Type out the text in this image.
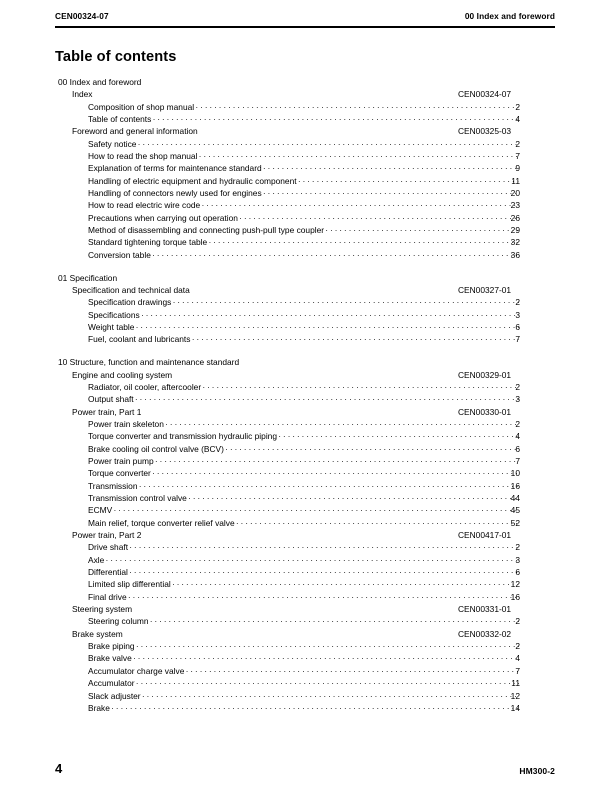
CEN00324-07	00 Index and foreword
Table of contents
00 Index and foreword
Index	CEN00324-07
Composition of shop manual . . .	2
Table of contents . . .	4
Foreword and general information	CEN00325-03
Safety notice . . .	2
How to read the shop manual . . .	7
Explanation of terms for maintenance standard . . .	9
Handling of electric equipment and hydraulic component . . .	11
Handling of connectors newly used for engines . . .	20
How to read electric wire code . . .	23
Precautions when carrying out operation . . .	26
Method of disassembling and connecting push-pull type coupler . . .	29
Standard tightening torque table . . .	32
Conversion table . . .	36
01 Specification
Specification and technical data	CEN00327-01
Specification drawings . . .	2
Specifications . . .	3
Weight table . . .	6
Fuel, coolant and lubricants . . .	7
10 Structure, function and maintenance standard
Engine and cooling system	CEN00329-01
Radiator, oil cooler, aftercooler . . .	2
Output shaft . . .	3
Power train, Part 1	CEN00330-01
Power train skeleton . . .	2
Torque converter and transmission hydraulic piping . . .	4
Brake cooling oil control valve (BCV) . . .	6
Power train pump . . .	7
Torque converter . . .	10
Transmission . . .	16
Transmission control valve . . .	44
ECMV . . .	45
Main relief, torque converter relief valve . . .	52
Power train, Part 2	CEN00417-01
Drive shaft . . .	2
Axle . . .	3
Differential . . .	6
Limited slip differential . . .	12
Final drive . . .	16
Steering system	CEN00331-01
Steering column . . .	2
Brake system	CEN00332-02
Brake piping . . .	2
Brake valve . . .	4
Accumulator charge valve . . .	7
Accumulator . . .	11
Slack adjuster . . .	12
Brake . . .	14
4	HM300-2
